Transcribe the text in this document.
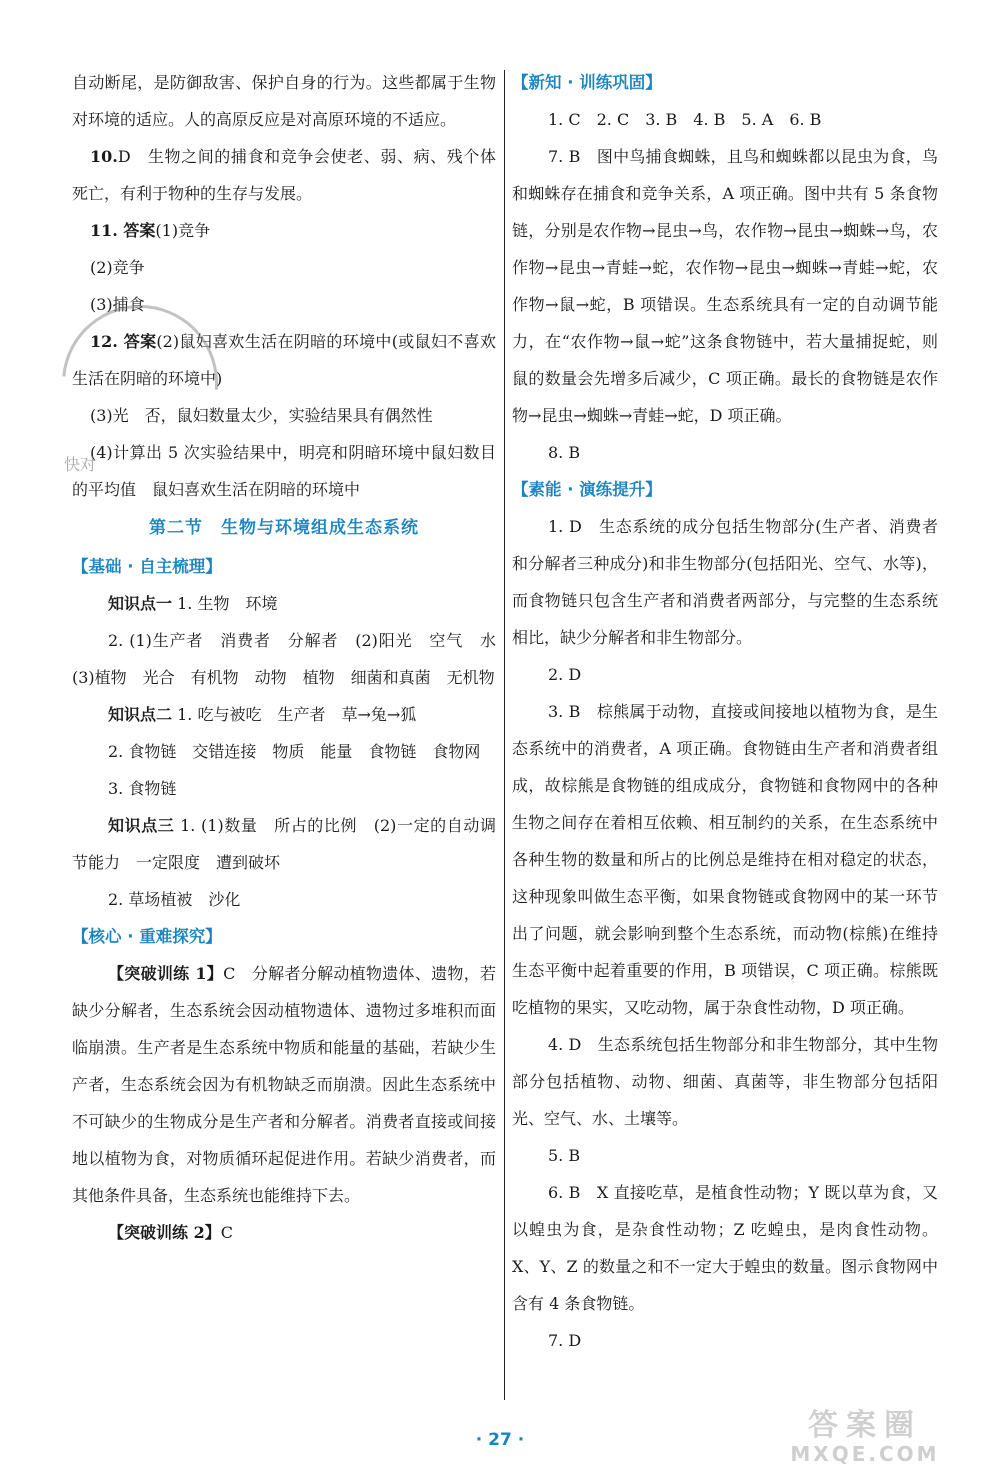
自动断尾，是防御敌害、保护自身的行为。这些都属于生物对环境的适应。人的高原反应是对高原环境的不适应。
10.D　生物之间的捕食和竞争会使老、弱、病、残个体死亡，有利于物种的生存与发展。
11. 答案(1)竞争
(2)竞争
(3)捕食
12. 答案(2)鼠妇喜欢生活在阴暗的环境中(或鼠妇不喜欢生活在阴暗的环境中)
(3)光　否，鼠妇数量太少，实验结果具有偶然性
(4)计算出 5 次实验结果中，明亮和阴暗环境中鼠妇数目的平均值　鼠妇喜欢生活在阴暗的环境中
第二节　生物与环境组成生态系统
【基础 · 自主梳理】
知识点一 1. 生物　环境
2. (1)生产者　消费者　分解者　(2)阳光　空气　水　(3)植物　光合　有机物　动物　植物　细菌和真菌　无机物
知识点二 1. 吃与被吃　生产者　草→兔→狐
2. 食物链　交错连接　物质　能量　食物链　食物网
3. 食物链
知识点三 1. (1)数量　所占的比例　(2)一定的自动调节能力　一定限度　遭到破坏
2. 草场植被　沙化
【核心 · 重难探究】
【突破训练 1】C　分解者分解动植物遗体、遗物，若缺少分解者，生态系统会因动植物遗体、遗物过多堆积而面临崩溃。生产者是生态系统中物质和能量的基础，若缺少生产者，生态系统会因为有机物缺乏而崩溃。因此生态系统中不可缺少的生物成分是生产者和分解者。消费者直接或间接地以植物为食，对物质循环起促进作用。若缺少消费者，而其他条件具备，生态系统也能维持下去。
【突破训练 2】C
【新知 · 训练巩固】
1. C　2. C　3. B　4. B　5. A　6. B
7. B　图中鸟捕食蜘蛛，且鸟和蜘蛛都以昆虫为食，鸟和蜘蛛存在捕食和竞争关系，A 项正确。图中共有 5 条食物链，分别是农作物→昆虫→鸟，农作物→昆虫→蜘蛛→鸟，农作物→昆虫→青蛙→蛇，农作物→昆虫→蜘蛛→青蛙→蛇，农作物→鼠→蛇，B 项错误。生态系统具有一定的自动调节能力，在“农作物→鼠→蛇”这条食物链中，若大量捕捉蛇，则鼠的数量会先增多后减少，C 项正确。最长的食物链是农作物→昆虫→蜘蛛→青蛙→蛇，D 项正确。
8. B
【素能 · 演练提升】
1. D　生态系统的成分包括生物部分(生产者、消费者和分解者三种成分)和非生物部分(包括阳光、空气、水等)，而食物链只包含生产者和消费者两部分，与完整的生态系统相比，缺少分解者和非生物部分。
2. D
3. B　棕熊属于动物，直接或间接地以植物为食，是生态系统中的消费者，A 项正确。食物链由生产者和消费者组成，故棕熊是食物链的组成成分，食物链和食物网中的各种生物之间存在着相互依赖、相互制约的关系，在生态系统中各种生物的数量和所占的比例总是维持在相对稳定的状态，这种现象叫做生态平衡，如果食物链或食物网中的某一环节出了问题，就会影响到整个生态系统，而动物(棕熊)在维持生态平衡中起着重要的作用，B 项错误，C 项正确。棕熊既吃植物的果实，又吃动物，属于杂食性动物，D 项正确。
4. D　生态系统包括生物部分和非生物部分，其中生物部分包括植物、动物、细菌、真菌等，非生物部分包括阳光、空气、水、土壤等。
5. B
6. B　X 直接吃草，是植食性动物；Y 既以草为食，又以蝗虫为食，是杂食性动物；Z 吃蝗虫，是肉食性动物。X、Y、Z 的数量之和不一定大于蝗虫的数量。图示食物网中含有 4 条食物链。
7. D
快对
· 27 ·	答案圈
MXQE.COM
